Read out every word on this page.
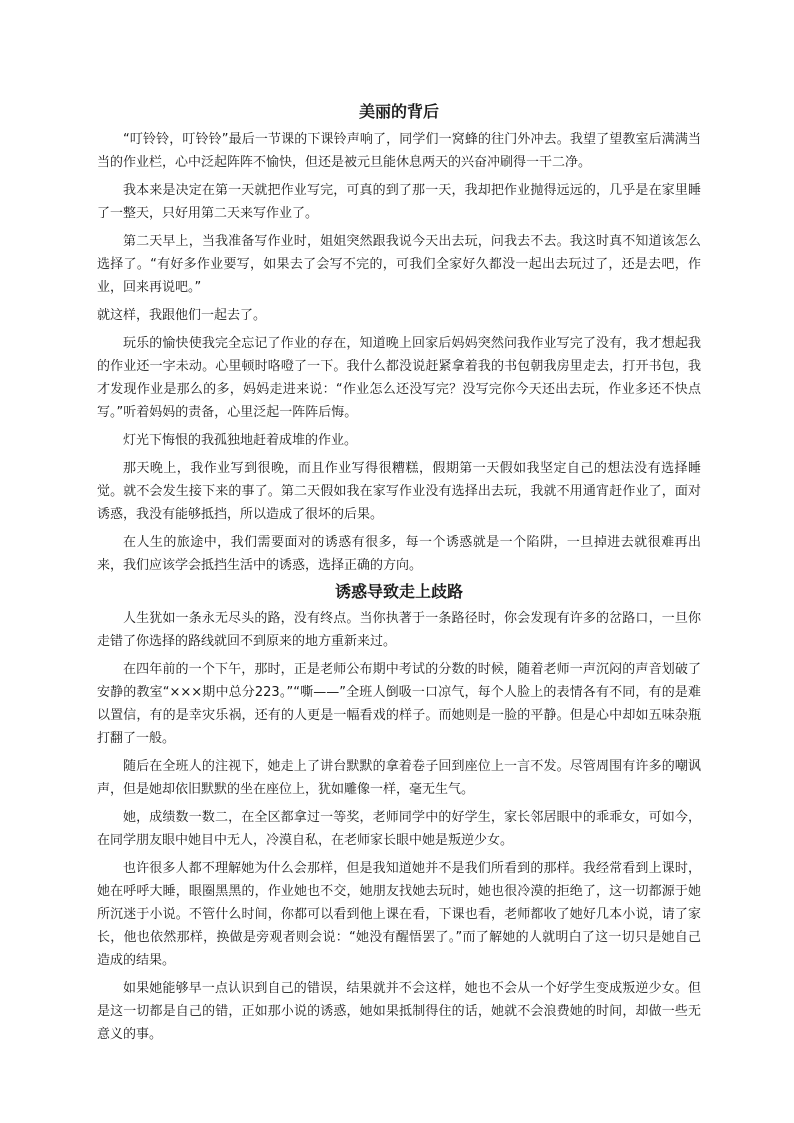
美丽的背后

“叮铃铃，叮铃铃”最后一节课的下课铃声响了，同学们一窝蜂的往门外冲去。我望了望教室后满满当当的作业栏，心中泛起阵阵不愉快，但还是被元旦能休息两天的兴奋冲刷得一干二净。

我本来是决定在第一天就把作业写完，可真的到了那一天，我却把作业抛得远远的，几乎是在家里睡了一整天，只好用第二天来写作业了。

第二天早上，当我准备写作业时，姐姐突然跟我说今天出去玩，问我去不去。我这时真不知道该怎么选择了。“有好多作业要写，如果去了会写不完的，可我们全家好久都没一起出去玩过了，还是去吧，作业，回来再说吧。”

就这样，我跟他们一起去了。

玩乐的愉快使我完全忘记了作业的存在，知道晚上回家后妈妈突然问我作业写完了没有，我才想起我的作业还一字未动。心里顿时咯噔了一下。我什么都没说赶紧拿着我的书包朝我房里走去，打开书包，我才发现作业是那么的多，妈妈走进来说：“作业怎么还没写完？没写完你今天还出去玩，作业多还不快点写。”听着妈妈的责备，心里泛起一阵阵后悔。

灯光下悔恨的我孤独地赶着成堆的作业。

那天晚上，我作业写到很晚，而且作业写得很糟糕，假期第一天假如我坚定自己的想法没有选择睡觉。就不会发生接下来的事了。第二天假如我在家写作业没有选择出去玩，我就不用通宵赶作业了，面对诱惑，我没有能够抵挡，所以造成了很坏的后果。

在人生的旅途中，我们需要面对的诱惑有很多，每一个诱惑就是一个陷阱，一旦掉进去就很难再出来，我们应该学会抵挡生活中的诱惑，选择正确的方向。

诱惑导致走上歧路

人生犹如一条永无尽头的路，没有终点。当你执著于一条路径时，你会发现有许多的岔路口，一旦你走错了你选择的路线就回不到原来的地方重新来过。

在四年前的一个下午，那时，正是老师公布期中考试的分数的时候，随着老师一声沉闷的声音划破了安静的教室“×××期中总分223。”“嘶——”全班人倒吸一口凉气，每个人脸上的表情各有不同，有的是难以置信，有的是幸灾乐祸，还有的人更是一幅看戏的样子。而她则是一脸的平静。但是心中却如五味杂瓶打翻了一般。

随后在全班人的注视下，她走上了讲台默默的拿着卷子回到座位上一言不发。尽管周围有许多的嘲讽声，但是她却依旧默默的坐在座位上，犹如雕像一样，毫无生气。

她，成绩数一数二，在全区都拿过一等奖，老师同学中的好学生，家长邻居眼中的乖乖女，可如今，在同学朋友眼中她目中无人，冷漠自私，在老师家长眼中她是叛逆少女。

也许很多人都不理解她为什么会那样，但是我知道她并不是我们所看到的那样。我经常看到上课时，她在呼呼大睡，眼圈黑黑的，作业她也不交，她朋友找她去玩时，她也很冷漠的拒绝了，这一切都源于她所沉迷于小说。不管什么时间，你都可以看到他上课在看，下课也看，老师都收了她好几本小说，请了家长，他也依然那样，换做是旁观者则会说：“她没有醒悟罢了。”而了解她的人就明白了这一切只是她自己造成的结果。

如果她能够早一点认识到自己的错误，结果就并不会这样，她也不会从一个好学生变成叛逆少女。但是这一切都是自己的错，正如那小说的诱惑，她如果抵制得住的话，她就不会浪费她的时间，却做一些无意义的事。
